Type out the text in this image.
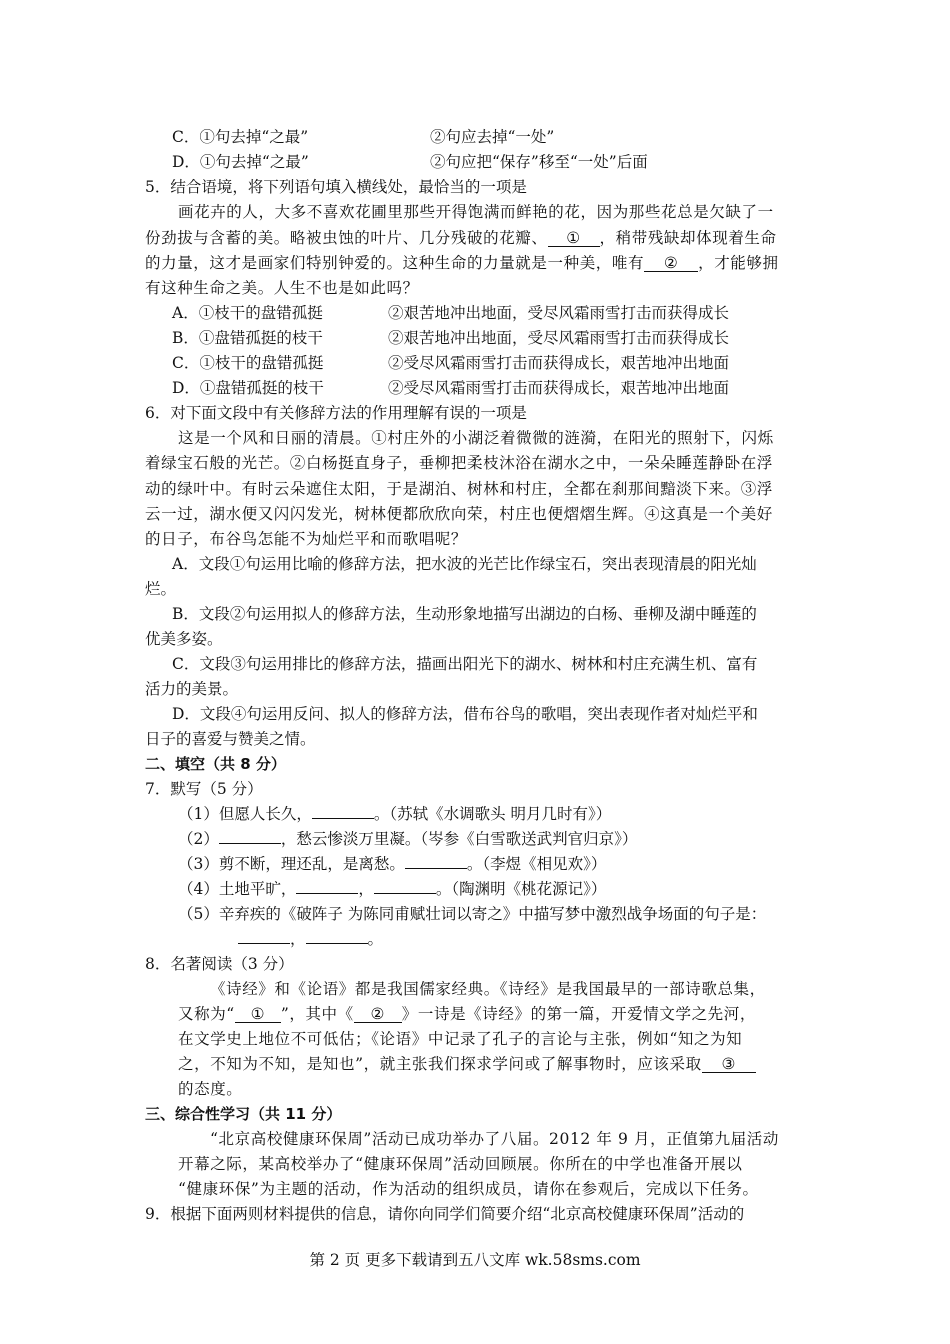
C．①句去掉“之最”	②句应去掉“一处”
D．①句去掉“之最”	②句应把“保存”移至“一处”后面
5．结合语境，将下列语句填入横线处，最恰当的一项是
画花卉的人，大多不喜欢花圃里那些开得饱满而鲜艳的花，因为那些花总是欠缺了一
份劲拔与含蓄的美。略被虫蚀的叶片、几分残破的花瓣、 ① ，稍带残缺却体现着生命
的力量，这才是画家们特别钟爱的。这种生命的力量就是一种美，唯有 ② ，才能够拥
有这种生命之美。人生不也是如此吗？
A．①枝干的盘错孤挺	②艰苦地冲出地面，受尽风霜雨雪打击而获得成长
B．①盘错孤挺的枝干	②艰苦地冲出地面，受尽风霜雨雪打击而获得成长
C．①枝干的盘错孤挺	②受尽风霜雨雪打击而获得成长，艰苦地冲出地面
D．①盘错孤挺的枝干	②受尽风霜雨雪打击而获得成长，艰苦地冲出地面
6．对下面文段中有关修辞方法的作用理解有误的一项是
这是一个风和日丽的清晨。①村庄外的小湖泛着微微的涟漪，在阳光的照射下，闪烁
着绿宝石般的光芒。②白杨挺直身子，垂柳把柔枝沐浴在湖水之中，一朵朵睡莲静卧在浮
动的绿叶中。有时云朵遮住太阳，于是湖泊、树林和村庄，全都在刹那间黯淡下来。③浮
云一过，湖水便又闪闪发光，树林便都欣欣向荣，村庄也便熠熠生辉。④这真是一个美好
的日子，布谷鸟怎能不为灿烂平和而歌唱呢？
A．文段①句运用比喻的修辞方法，把水波的光芒比作绿宝石，突出表现清晨的阳光灿
烂。
B．文段②句运用拟人的修辞方法，生动形象地描写出湖边的白杨、垂柳及湖中睡莲的
优美多姿。
C．文段③句运用排比的修辞方法，描画出阳光下的湖水、树林和村庄充满生机、富有
活力的美景。
D．文段④句运用反问、拟人的修辞方法，借布谷鸟的歌唱，突出表现作者对灿烂平和
日子的喜爱与赞美之情。
二、填空（共 8 分）
7．默写（5 分）
（1）但愿人长久，	。（苏轼《水调歌头 明月几时有》）
（2）	，愁云惨淡万里凝。（岑参《白雪歌送武判官归京》）
（3）剪不断，理还乱，是离愁。	。（李煜《相见欢》）
（4）土地平旷，	，	。（陶渊明《桃花源记》）
（5）辛弃疾的《破阵子 为陈同甫赋壮词以寄之》中描写梦中激烈战争场面的句子是：
，	。
8．名著阅读（3 分）
《诗经》和《论语》都是我国儒家经典。《诗经》是我国最早的一部诗歌总集，
又称为“ ① ”，其中《 ② 》一诗是《诗经》的第一篇，开爱情文学之先河，
在文学史上地位不可低估；《论语》中记录了孔子的言论与主张，例如“知之为知
之，不知为不知，是知也”，就主张我们探求学问或了解事物时，应该采取 ③
的态度。
三、综合性学习（共 11 分）
“北京高校健康环保周”活动已成功举办了八届。2012 年 9 月，正值第九届活动
开幕之际，某高校举办了“健康环保周”活动回顾展。你所在的中学也准备开展以
“健康环保”为主题的活动，作为活动的组织成员，请你在参观后，完成以下任务。
9．根据下面两则材料提供的信息，请你向同学们简要介绍“北京高校健康环保周”活动的
第 2 页 更多下载请到五八文库 wk.58sms.com
